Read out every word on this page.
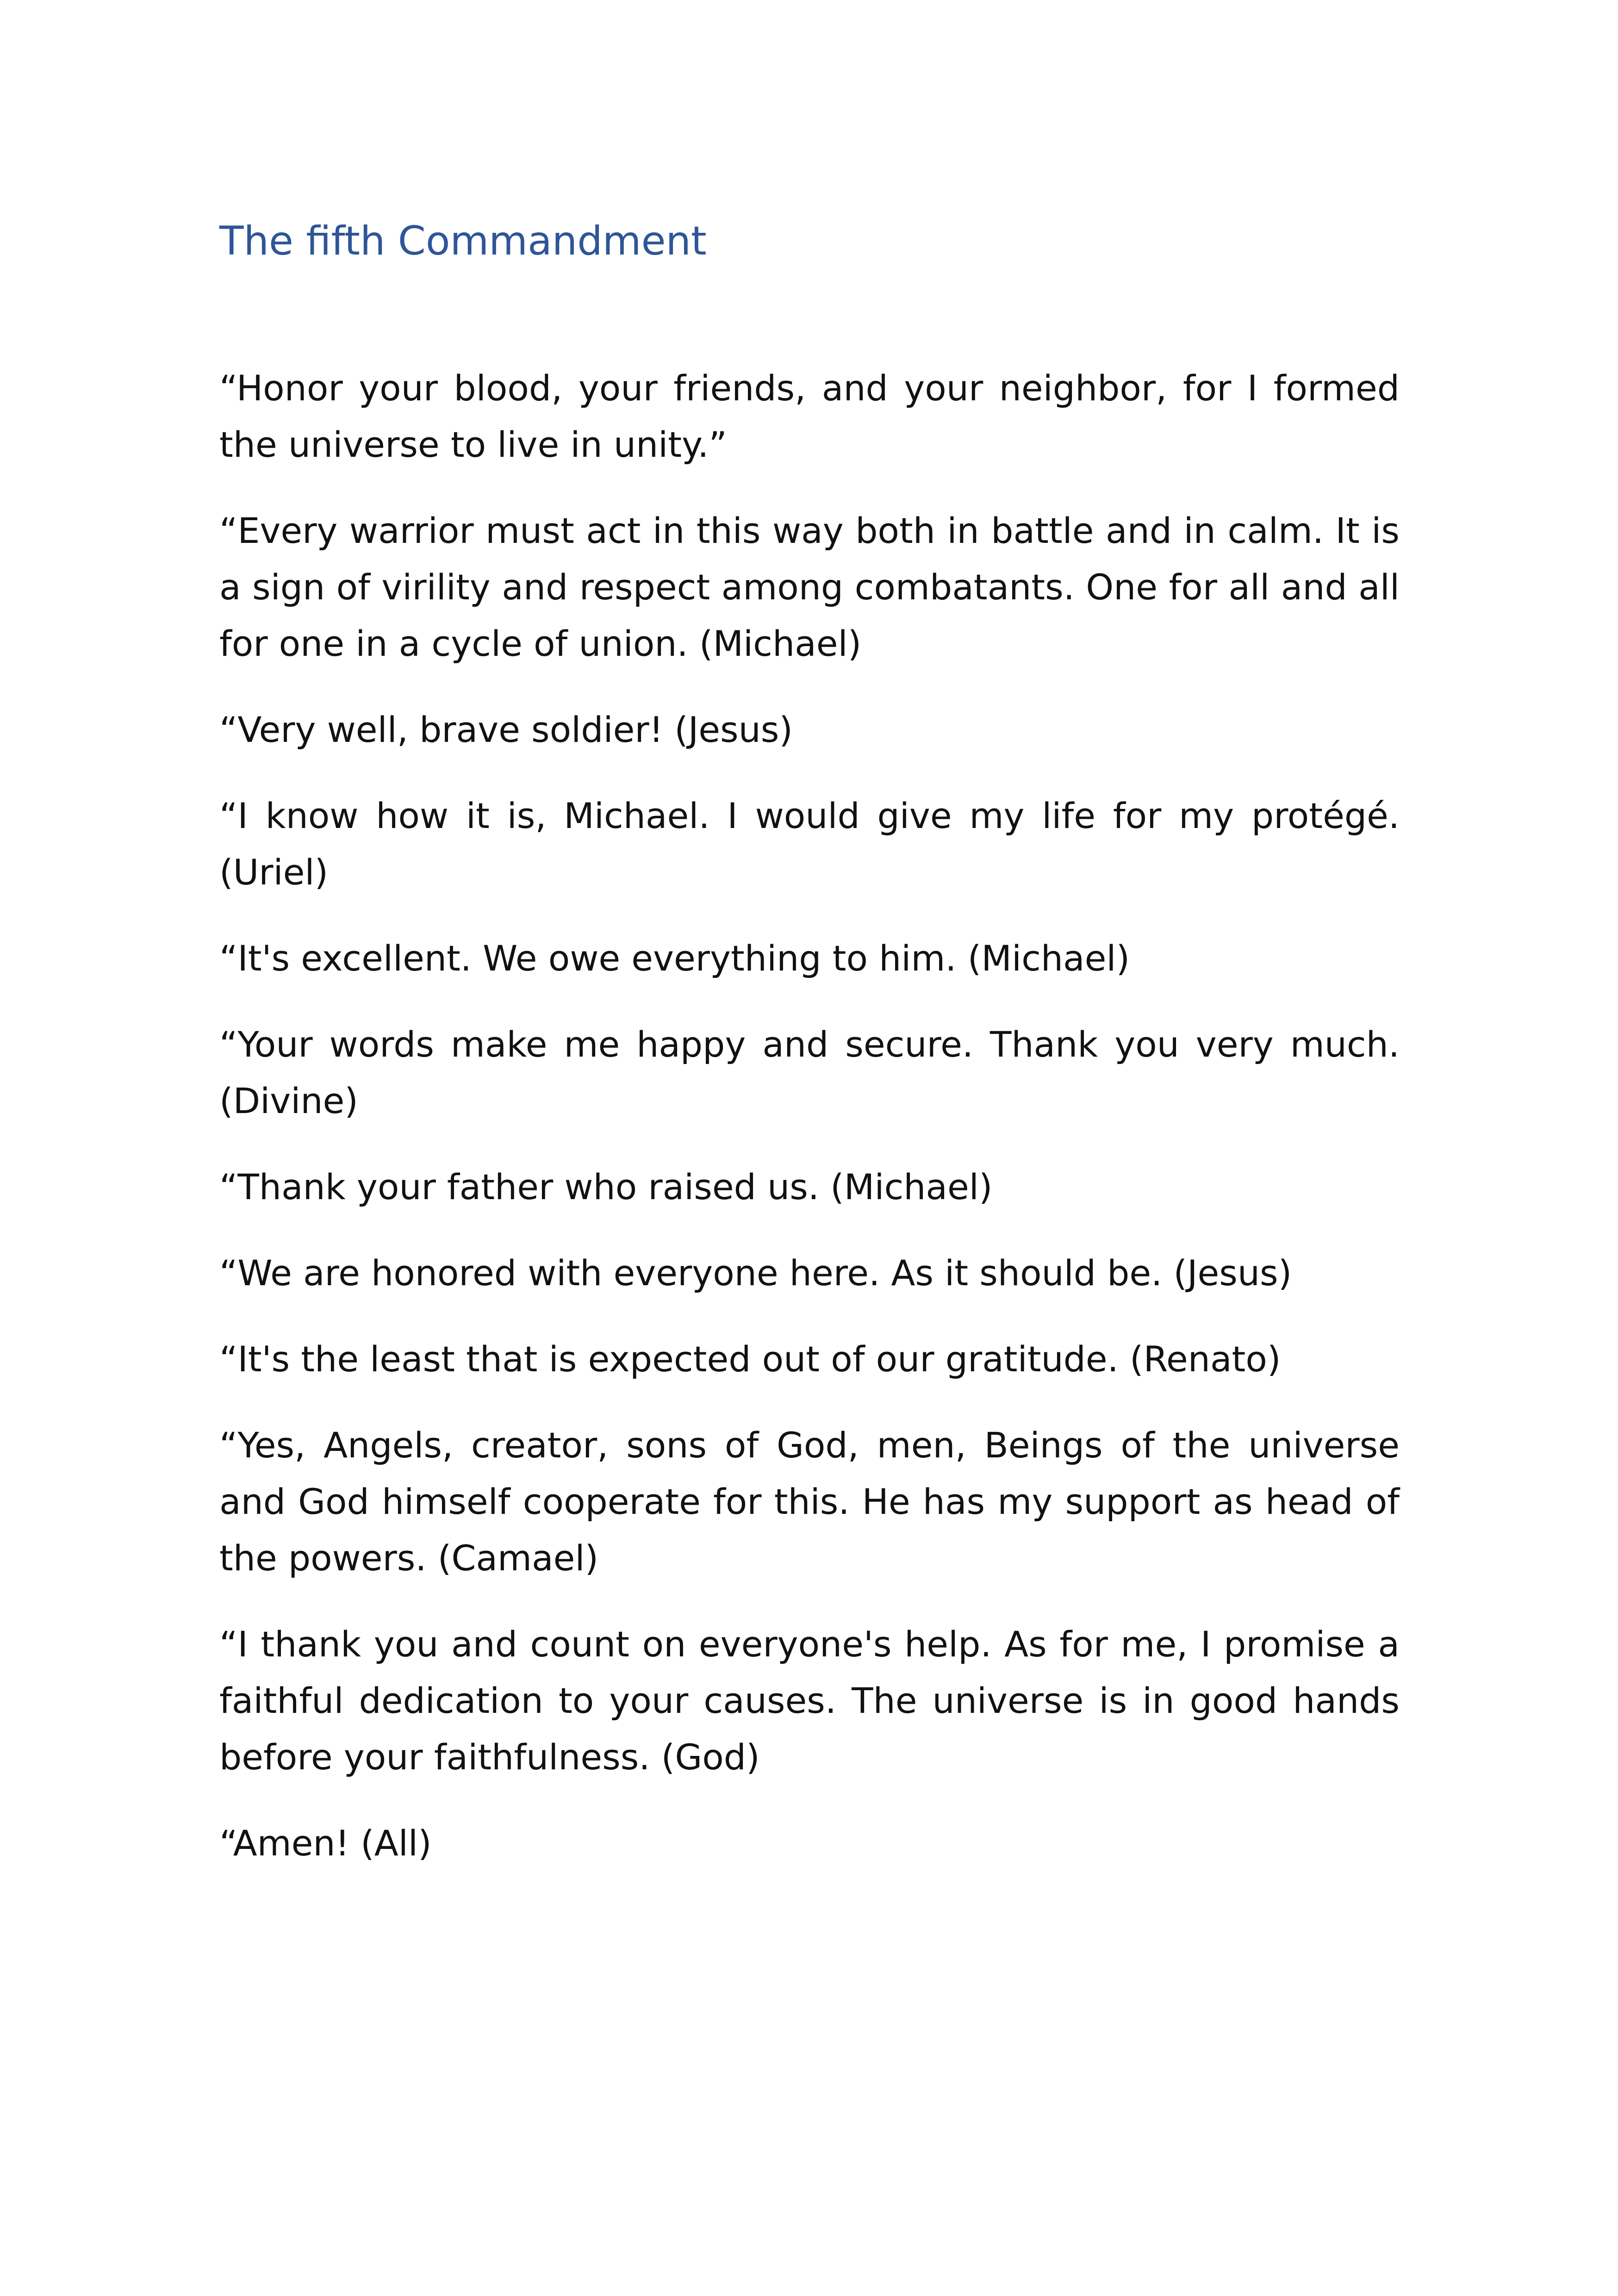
The fifth Commandment

“Honor your blood, your friends, and your neighbor, for I formed the universe to live in unity.”

“Every warrior must act in this way both in battle and in calm. It is a sign of virility and respect among combatants. One for all and all for one in a cycle of union. (Michael)

“Very well, brave soldier! (Jesus)

“I know how it is, Michael. I would give my life for my protégé. (Uriel)

“It's excellent. We owe everything to him. (Michael)

“Your words make me happy and secure. Thank you very much. (Divine)

“Thank your father who raised us. (Michael)

“We are honored with everyone here. As it should be. (Jesus)

“It's the least that is expected out of our gratitude. (Renato)

“Yes, Angels, creator, sons of God, men, Beings of the universe and God himself cooperate for this. He has my support as head of the powers. (Camael)

“I thank you and count on everyone's help. As for me, I promise a faithful dedication to your causes. The universe is in good hands before your faithfulness. (God)

“Amen! (All)
